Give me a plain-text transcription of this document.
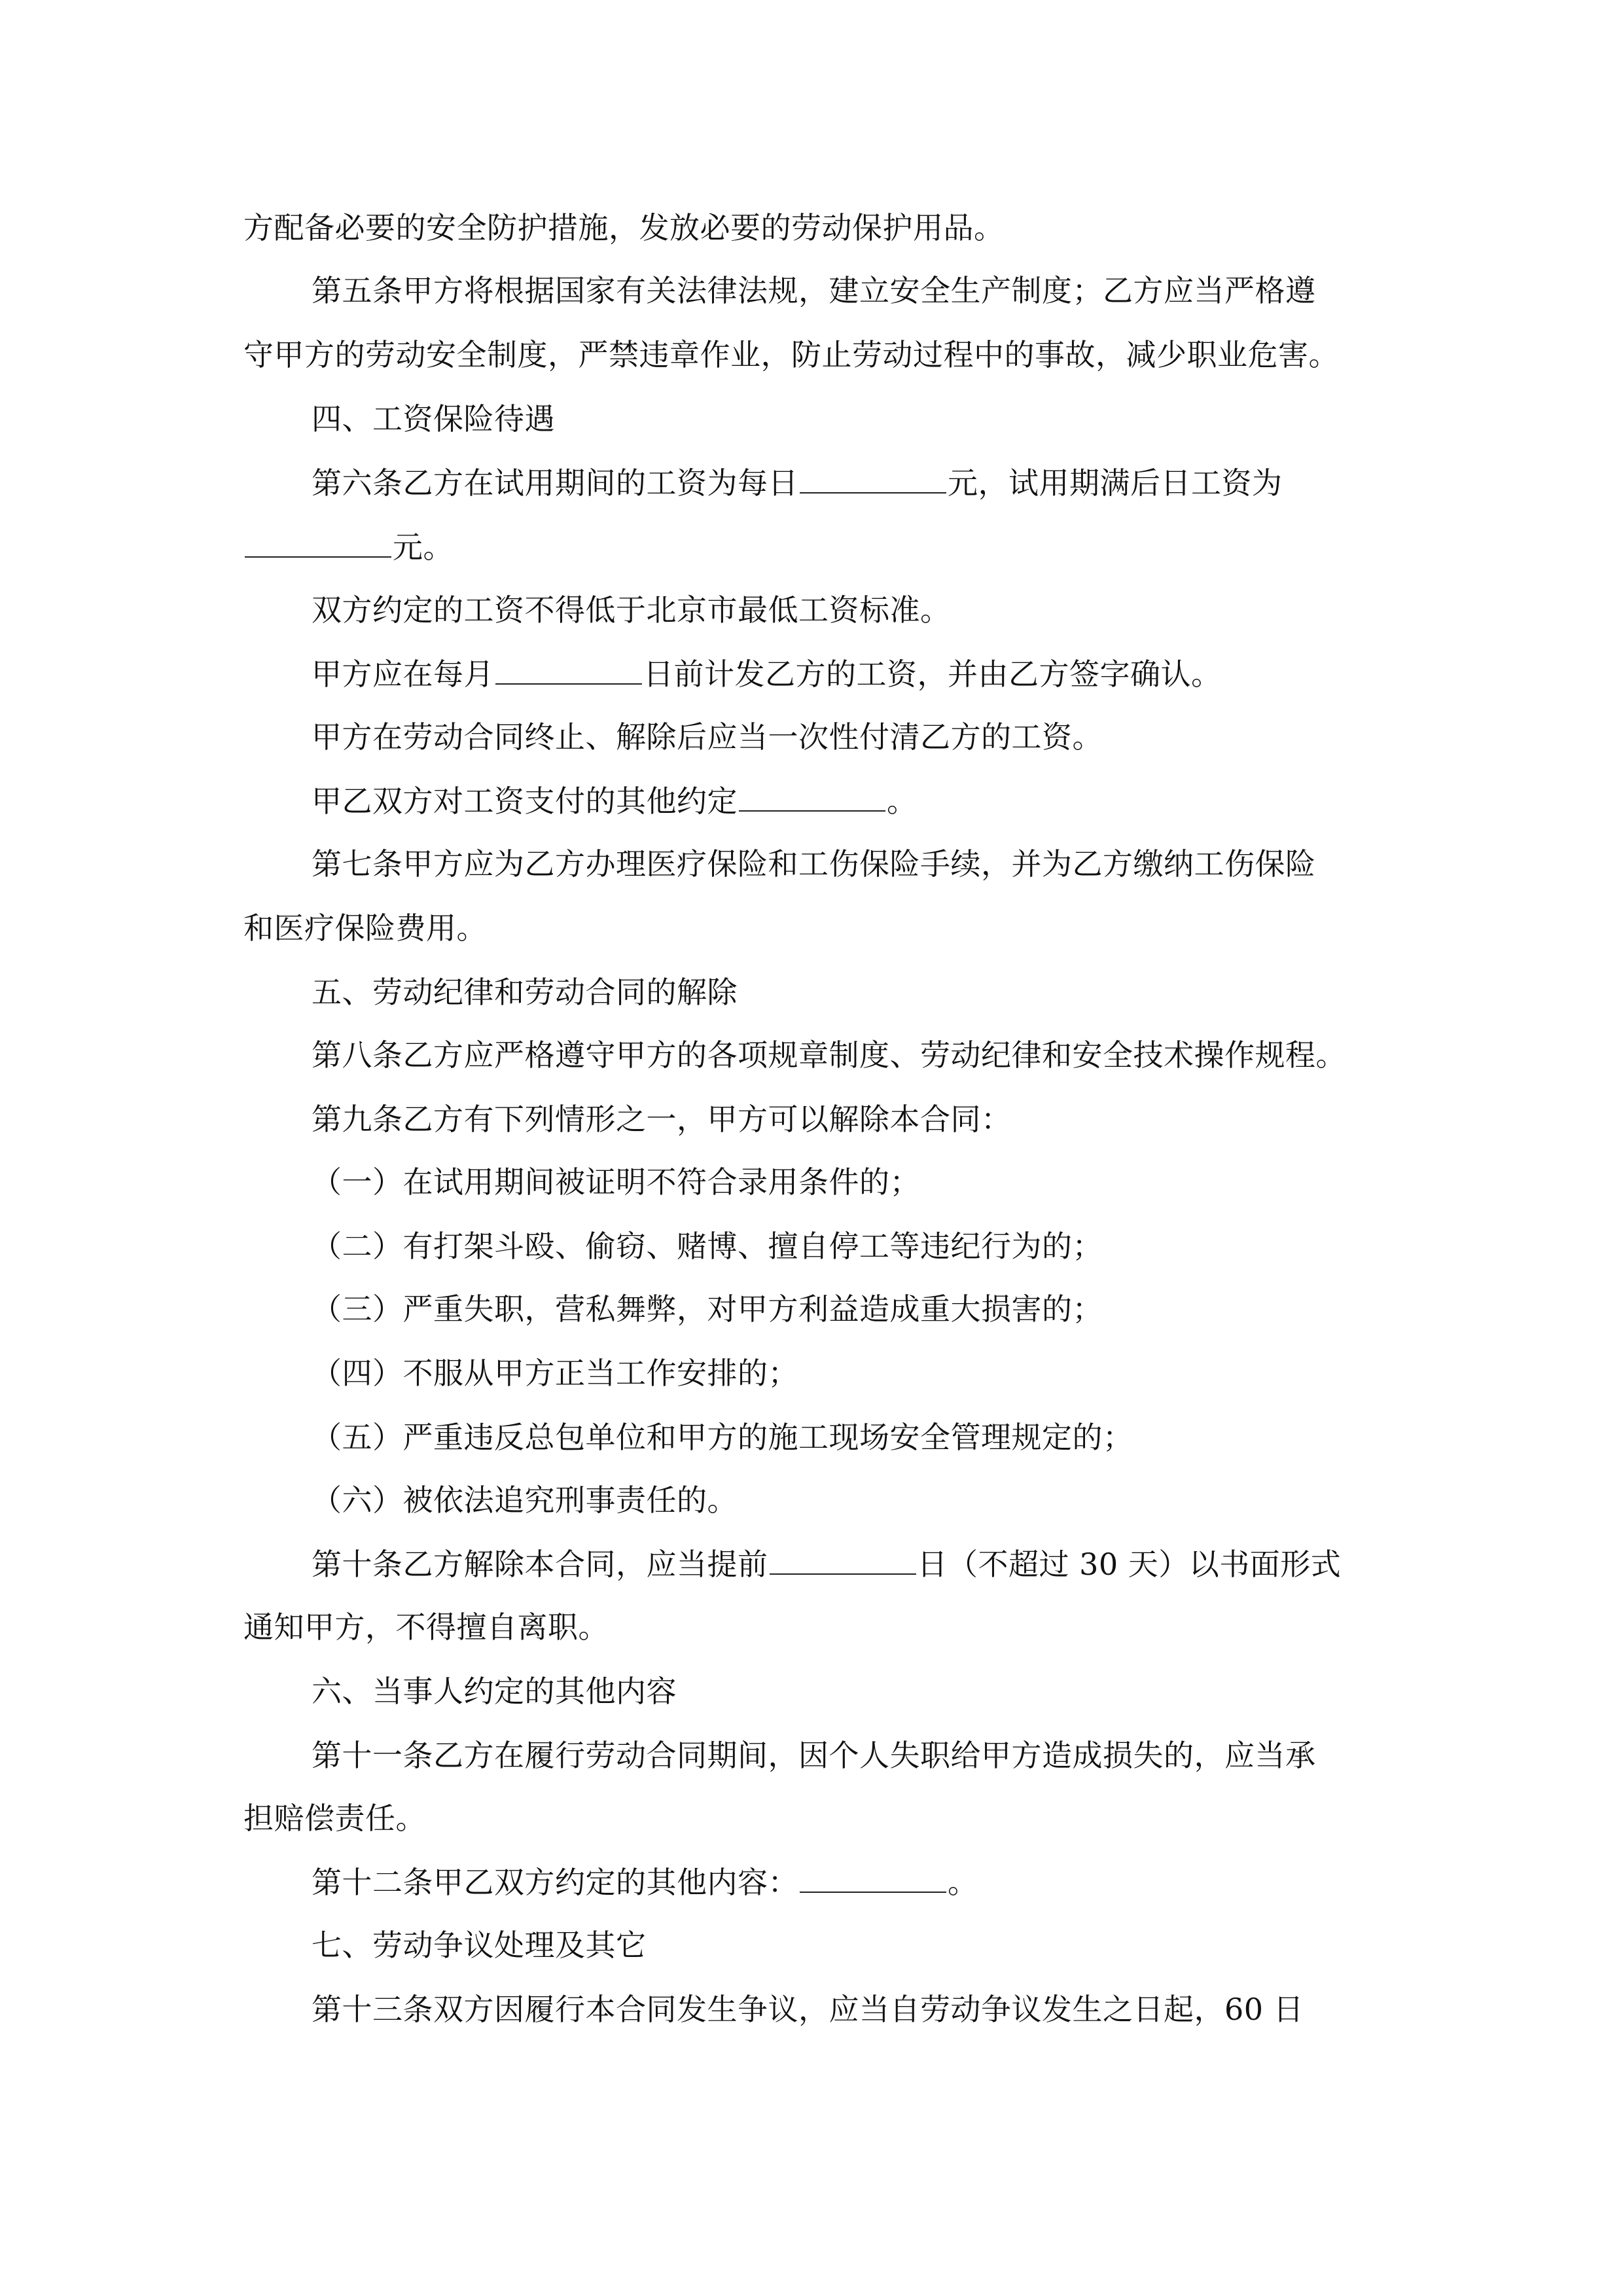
方配备必要的安全防护措施，发放必要的劳动保护用品。
第五条甲方将根据国家有关法律法规，建立安全生产制度；乙方应当严格遵
守甲方的劳动安全制度，严禁违章作业，防止劳动过程中的事故，减少职业危害。
四、工资保险待遇
第六条乙方在试用期间的工资为每日	元，试用期满后日工资为
元。
双方约定的工资不得低于北京市最低工资标准。
甲方应在每月	日前计发乙方的工资，并由乙方签字确认。
甲方在劳动合同终止、解除后应当一次性付清乙方的工资。
甲乙双方对工资支付的其他约定	。
第七条甲方应为乙方办理医疗保险和工伤保险手续，并为乙方缴纳工伤保险
和医疗保险费用。
五、劳动纪律和劳动合同的解除
第八条乙方应严格遵守甲方的各项规章制度、劳动纪律和安全技术操作规程。
第九条乙方有下列情形之一，甲方可以解除本合同：
（一）在试用期间被证明不符合录用条件的；
（二）有打架斗殴、偷窃、赌博、擅自停工等违纪行为的；
（三）严重失职，营私舞弊，对甲方利益造成重大损害的；
（四）不服从甲方正当工作安排的；
（五）严重违反总包单位和甲方的施工现场安全管理规定的；
（六）被依法追究刑事责任的。
第十条乙方解除本合同，应当提前	日（不超过 30 天）以书面形式
通知甲方，不得擅自离职。
六、当事人约定的其他内容
第十一条乙方在履行劳动合同期间，因个人失职给甲方造成损失的，应当承
担赔偿责任。
第十二条甲乙双方约定的其他内容：	。
七、劳动争议处理及其它
第十三条双方因履行本合同发生争议，应当自劳动争议发生之日起，60 日
